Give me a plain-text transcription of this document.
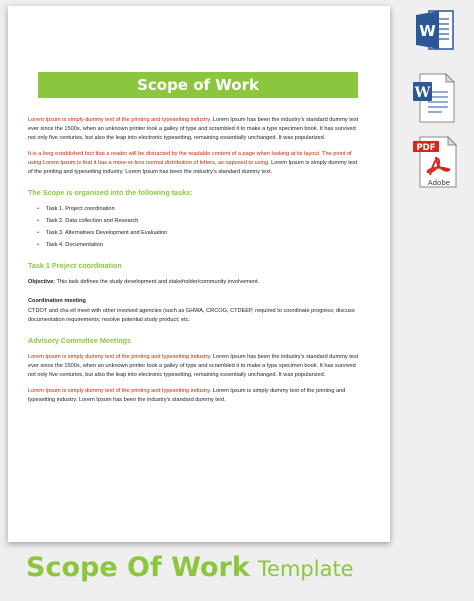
Scope of Work

Lorem Ipsum is simply dummy text of the printing and typesetting industry. Lorem Ipsum has been the industry's standard dummy text ever since the 1500s, when an unknown printer took a galley of type and scrambled it to make a type specimen book. It has survived not only five centuries, but also the leap into electronic typesetting, remaining essentially unchanged. It was popularized.

It is a long established fact that a reader will be distracted by the readable content of a page when looking at its layout. The point of using Lorem Ipsum is that it has a more-or-less normal distribution of letters, as opposed to using. Lorem Ipsum is simply dummy text of the printing and typesetting industry. Lorem Ipsum has been the industry's standard dummy text.

The Scope is organized into the following tasks:
• Task 1. Project coordination
• Task 2. Data collection and Research
• Task 3. Alternatives Development and Evaluation
• Task 4. Documentation
Task 1 Project coordination

Objective: This task defines the study development and stakeholder/community involvement.

Coordination meeting

CTDOT and cha ell meet with other involved agencies (such as GHWA, CRCOG, CTDEEP, required to coordinate progress; discuss documentation requirements; resolve potential study product; etc.

Advisory Committee Meetings

Lorem Ipsum is simply dummy text of the printing and typesetting industry. Lorem Ipsum has been the industry's standard dummy text ever since the 1500s, when an unknown printer took a galley of type and scrambled it to make a type specimen book. It has survived not only five centuries, but also the leap into electronic typesetting, remaining essentially unchanged. It was popularized.

Lorem Ipsum is simply dummy text of the printing and typesetting industry. Lorem Ipsum is simply dummy text of the printing and typesetting industry. Lorem Ipsum has been the industry's standard dummy text.

W
W
PDF
Adobe
Scope Of Work Template
